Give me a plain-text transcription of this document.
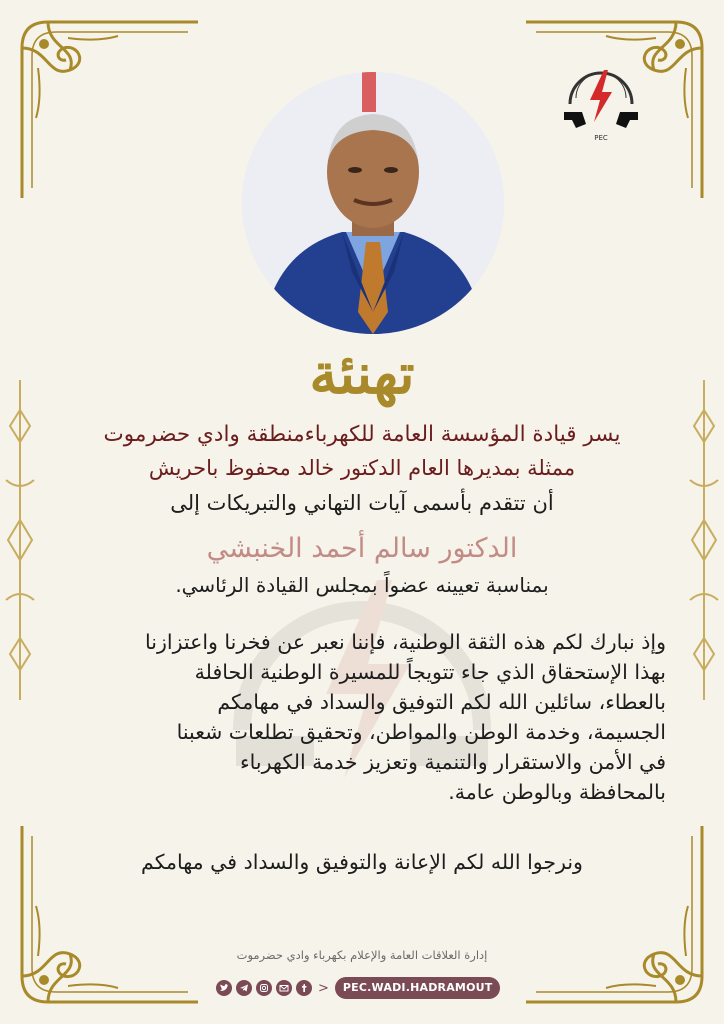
PEC
تهنئة
يسر قيادة المؤسسة العامة للكهرباءمنطقة وادي حضرموت
ممثلة بمديرها العام الدكتور خالد محفوظ باحريش
أن تتقدم بأسمى آيات التهاني والتبريكات إلى
الدكتور سالم أحمد الخنبشي
بمناسبة تعيينه عضواً بمجلس القيادة الرئاسي.
وإذ نبارك لكم هذه الثقة الوطنية، فإننا نعبر عن فخرنا واعتزازنا
بهذا الإستحقاق الذي جاء تتويجاً للمسيرة الوطنية الحافلة
بالعطاء، سائلين الله لكم التوفيق والسداد في مهامكم
الجسيمة، وخدمة الوطن والمواطن، وتحقيق تطلعات شعبنا
في الأمن والاستقرار والتنمية وتعزيز خدمة الكهرباء
بالمحافظة وبالوطن عامة.
ونرجوا الله لكم الإعانة والتوفيق والسداد في مهامكم
إدارة العلاقات العامة والإعلام بكهرباء وادي حضرموت
PEC.WADI.HADRAMOUT
>
